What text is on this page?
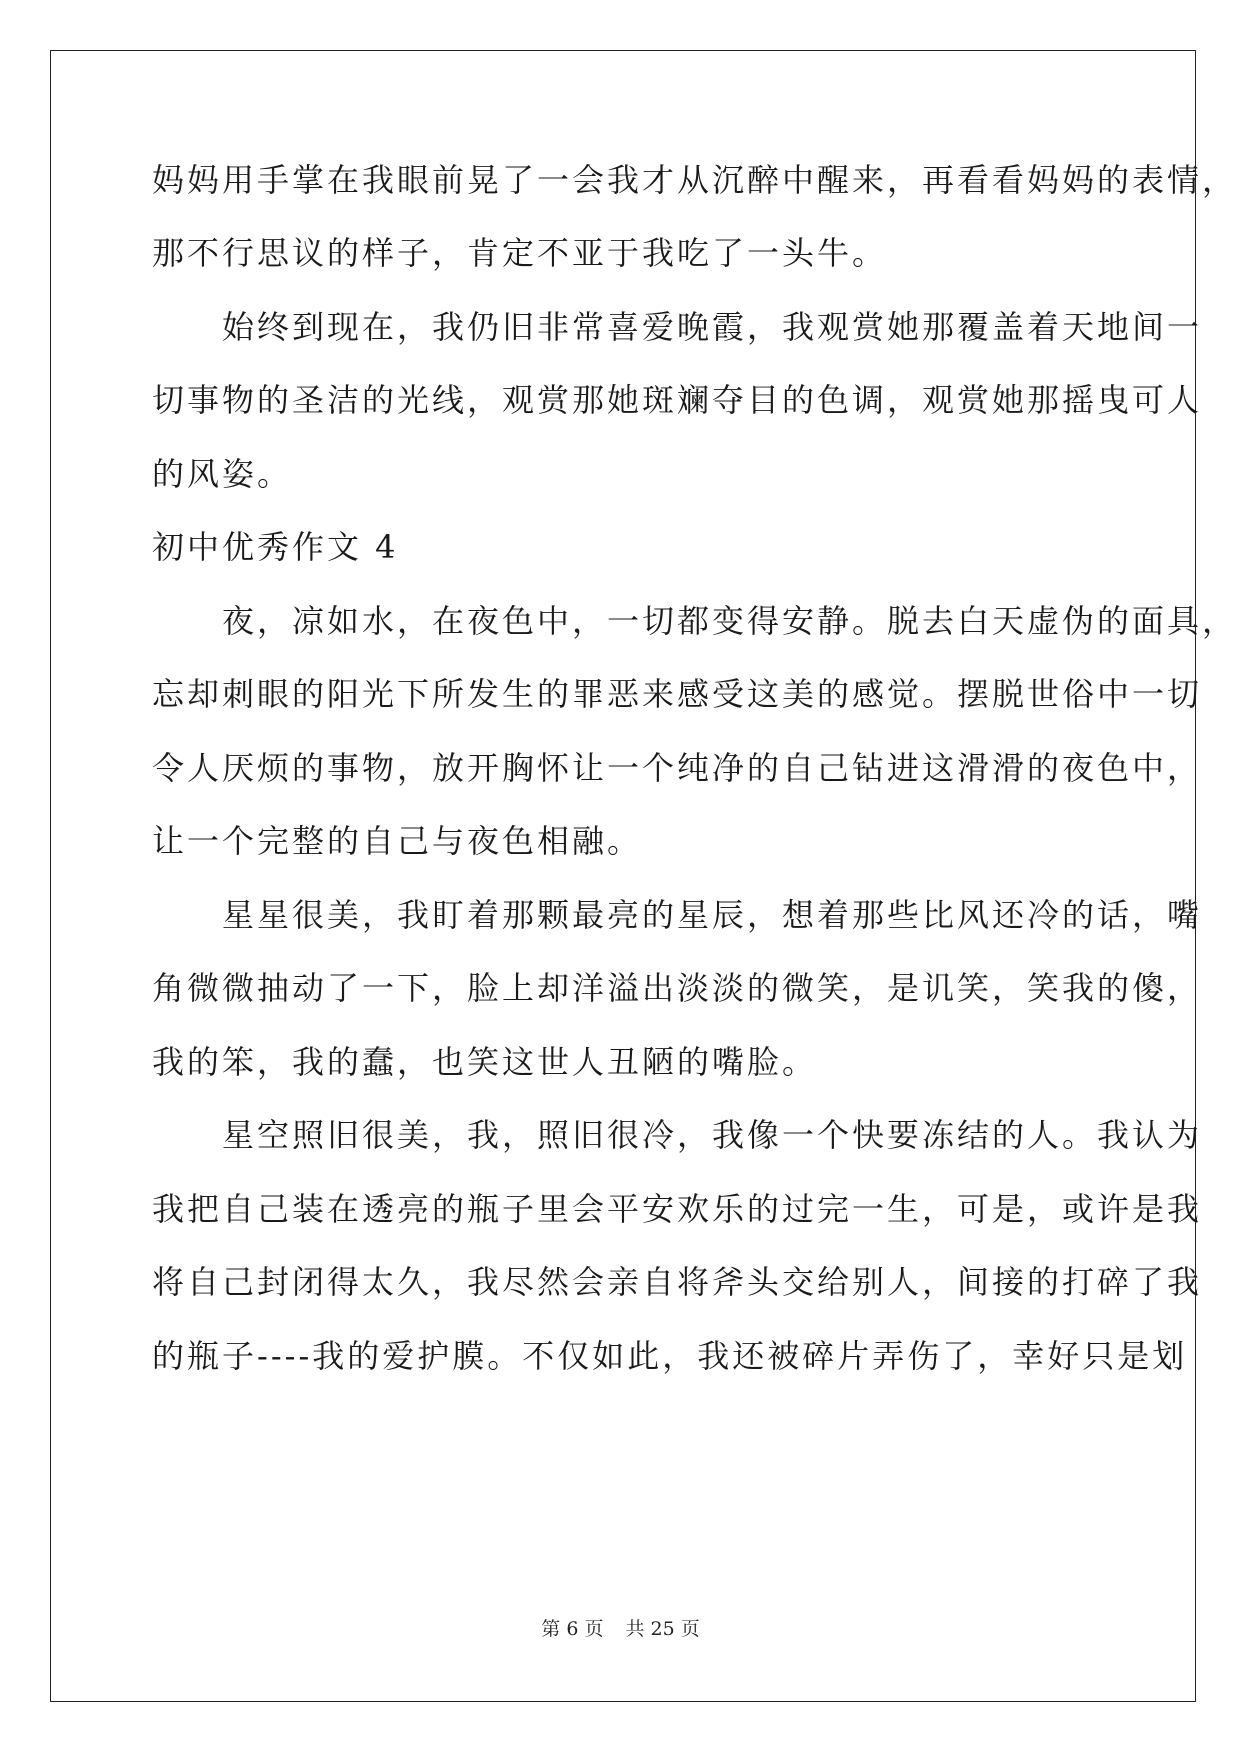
妈妈用手掌在我眼前晃了一会我才从沉醉中醒来，再看看妈妈的表情，
那不行思议的样子，肯定不亚于我吃了一头牛。
　　始终到现在，我仍旧非常喜爱晚霞，我观赏她那覆盖着天地间一
切事物的圣洁的光线，观赏那她斑斓夺目的色调，观赏她那摇曳可人
的风姿。
初中优秀作文 4
　　夜，凉如水，在夜色中，一切都变得安静。脱去白天虚伪的面具，
忘却刺眼的阳光下所发生的罪恶来感受这美的感觉。摆脱世俗中一切
令人厌烦的事物，放开胸怀让一个纯净的自己钻进这滑滑的夜色中，
让一个完整的自己与夜色相融。
　　星星很美，我盯着那颗最亮的星辰，想着那些比风还冷的话，嘴
角微微抽动了一下，脸上却洋溢出淡淡的微笑，是讥笑，笑我的傻，
我的笨，我的蠢，也笑这世人丑陋的嘴脸。
　　星空照旧很美，我，照旧很冷，我像一个快要冻结的人。我认为
我把自己装在透亮的瓶子里会平安欢乐的过完一生，可是，或许是我
将自己封闭得太久，我尽然会亲自将斧头交给别人，间接的打碎了我
的瓶子----我的爱护膜。不仅如此，我还被碎片弄伤了，幸好只是划
第 6 页 共 25 页
